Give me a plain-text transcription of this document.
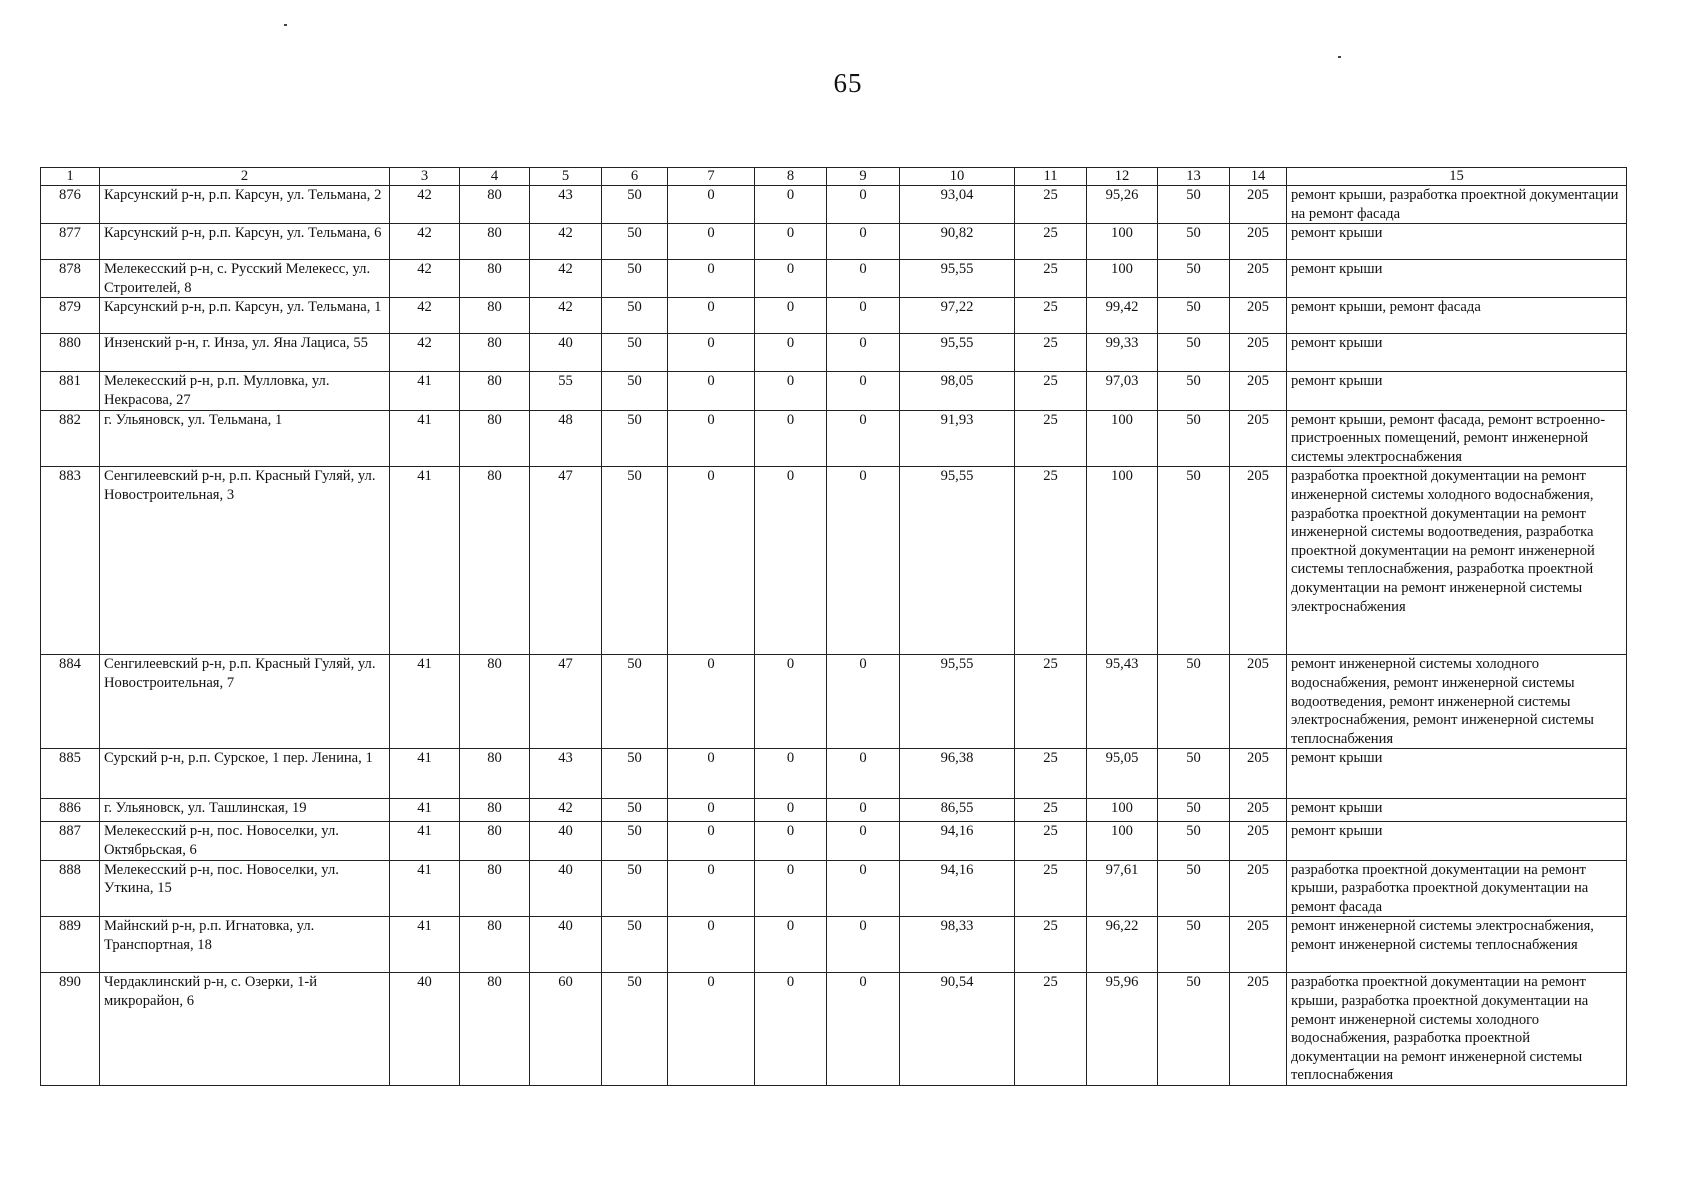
65
1	2	3	4	5	6	7	8	9	10	11	12	13	14	15
876	Карсунский р-н, р.п. Карсун, ул. Тельмана, 2	42	80	43	50	0	0	0	93,04	25	95,26	50	205	ремонт крыши, разработка проектной документации на ремонт фасада
877	Карсунский р-н, р.п. Карсун, ул. Тельмана, 6	42	80	42	50	0	0	0	90,82	25	100	50	205	ремонт крыши
878	Мелекесский р-н, с. Русский Мелекесс, ул. Строителей, 8	42	80	42	50	0	0	0	95,55	25	100	50	205	ремонт крыши
879	Карсунский р-н, р.п. Карсун, ул. Тельмана, 1	42	80	42	50	0	0	0	97,22	25	99,42	50	205	ремонт крыши, ремонт фасада
880	Инзенский р-н, г. Инза, ул. Яна Лациса, 55	42	80	40	50	0	0	0	95,55	25	99,33	50	205	ремонт крыши
881	Мелекесский р-н, р.п. Мулловка, ул. Некрасова, 27	41	80	55	50	0	0	0	98,05	25	97,03	50	205	ремонт крыши
882	г. Ульяновск, ул. Тельмана, 1	41	80	48	50	0	0	0	91,93	25	100	50	205	ремонт крыши, ремонт фасада, ремонт встроенно-пристроенных помещений, ремонт инженерной системы электроснабжения
883	Сенгилеевский р-н, р.п. Красный Гуляй, ул. Новостроительная, 3	41	80	47	50	0	0	0	95,55	25	100	50	205	разработка проектной документации на ремонт инженерной системы холодного водоснабжения, разработка проектной документации на ремонт инженерной системы водоотведения, разработка проектной документации на ремонт инженерной системы теплоснабжения, разработка проектной документации на ремонт инженерной системы электроснабжения
884	Сенгилеевский р-н, р.п. Красный Гуляй, ул. Новостроительная, 7	41	80	47	50	0	0	0	95,55	25	95,43	50	205	ремонт инженерной системы холодного водоснабжения, ремонт инженерной системы водоотведения, ремонт инженерной системы электроснабжения, ремонт инженерной системы теплоснабжения
885	Сурский р-н, р.п. Сурское, 1 пер. Ленина, 1	41	80	43	50	0	0	0	96,38	25	95,05	50	205	ремонт крыши
886	г. Ульяновск, ул. Ташлинская, 19	41	80	42	50	0	0	0	86,55	25	100	50	205	ремонт крыши
887	Мелекесский р-н, пос. Новоселки, ул. Октябрьская, 6	41	80	40	50	0	0	0	94,16	25	100	50	205	ремонт крыши
888	Мелекесский р-н, пос. Новоселки, ул. Уткина, 15	41	80	40	50	0	0	0	94,16	25	97,61	50	205	разработка проектной документации на ремонт крыши, разработка проектной документации на ремонт фасада
889	Майнский р-н, р.п. Игнатовка, ул. Транспортная, 18	41	80	40	50	0	0	0	98,33	25	96,22	50	205	ремонт инженерной системы электроснабжения, ремонт инженерной системы теплоснабжения
890	Чердаклинский р-н, с. Озерки, 1-й микрорайон, 6	40	80	60	50	0	0	0	90,54	25	95,96	50	205	разработка проектной документации на ремонт крыши, разработка проектной документации на ремонт инженерной системы холодного водоснабжения, разработка проектной документации на ремонт инженерной системы теплоснабжения
